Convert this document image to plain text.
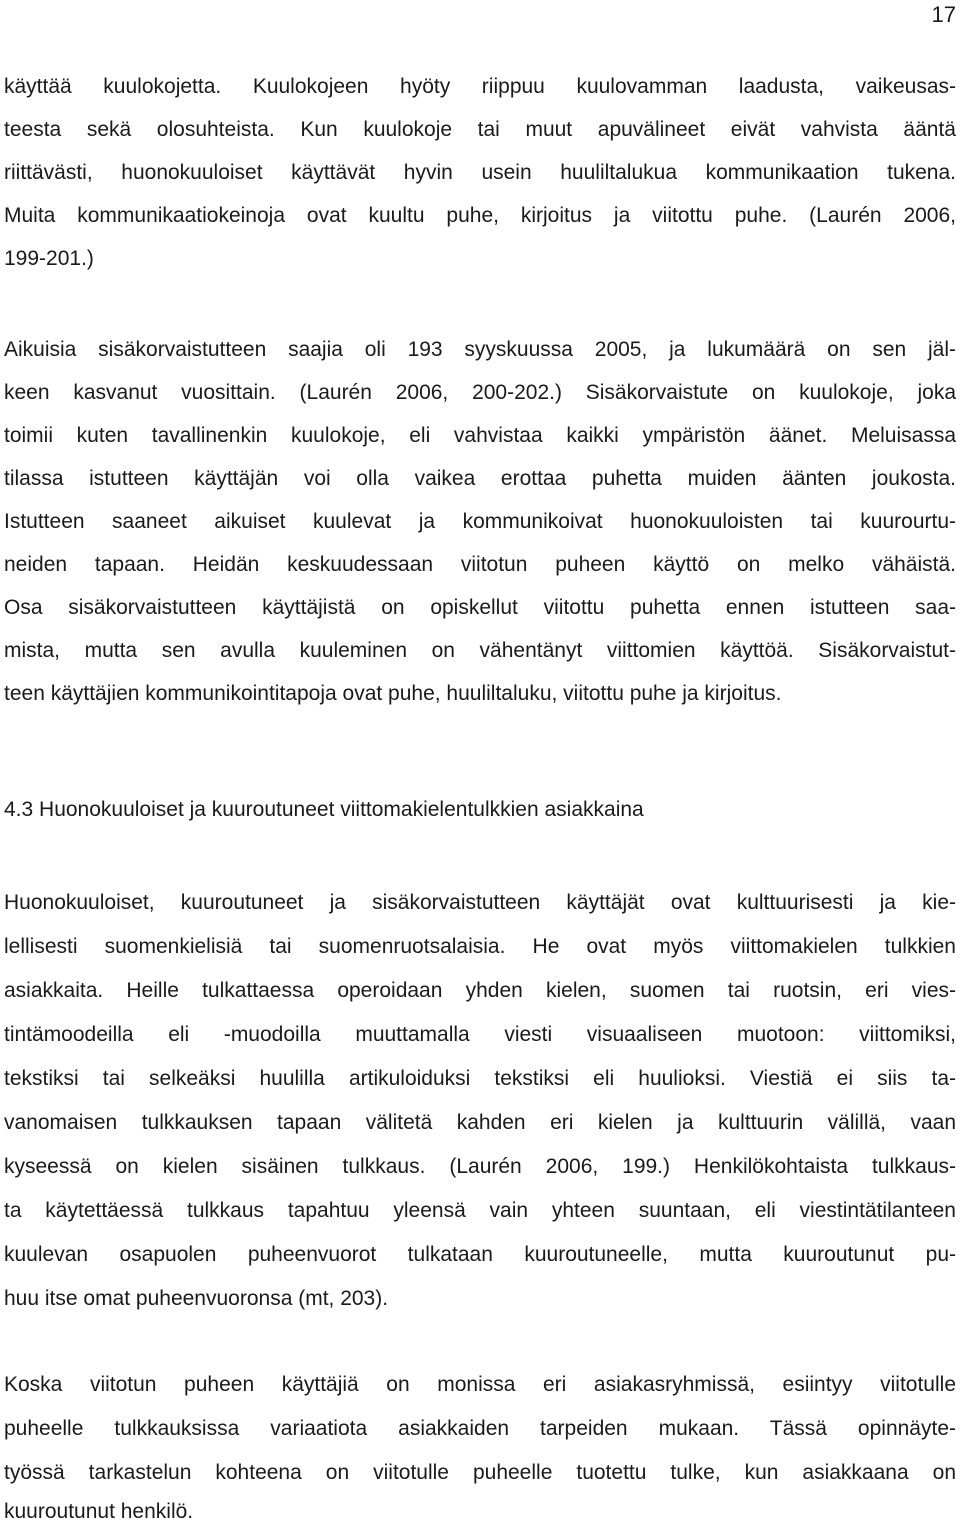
17
käyttää kuulokojetta. Kuulokojeen hyöty riippuu kuulovamman laadusta, vaikeusas-
teesta sekä olosuhteista. Kun kuulokoje tai muut apuvälineet eivät vahvista ääntä
riittävästi, huonokuuloiset käyttävät hyvin usein huuliltalukua kommunikaation tukena.
Muita kommunikaatiokeinoja ovat kuultu puhe, kirjoitus ja viitottu puhe. (Laurén 2006,
199-201.)
Aikuisia sisäkorvaistutteen saajia oli 193 syyskuussa 2005, ja lukumäärä on sen jäl-
keen kasvanut vuosittain. (Laurén 2006, 200-202.) Sisäkorvaistute on kuulokoje, joka
toimii kuten tavallinenkin kuulokoje, eli vahvistaa kaikki ympäristön äänet. Meluisassa
tilassa istutteen käyttäjän voi olla vaikea erottaa puhetta muiden äänten joukosta.
Istutteen saaneet aikuiset kuulevat ja kommunikoivat huonokuuloisten tai kuurourtu-
neiden tapaan. Heidän keskuudessaan viitotun puheen käyttö on melko vähäistä.
Osa sisäkorvaistutteen käyttäjistä on opiskellut viitottu puhetta ennen istutteen saa-
mista, mutta sen avulla kuuleminen on vähentänyt viittomien käyttöä. Sisäkorvaistut-
teen käyttäjien kommunikointitapoja ovat puhe, huuliltaluku, viitottu puhe ja kirjoitus.
4.3 Huonokuuloiset ja kuuroutuneet viittomakielentulkkien asiakkaina
Huonokuuloiset, kuuroutuneet ja sisäkorvaistutteen käyttäjät ovat kulttuurisesti ja kie-
lellisesti suomenkielisiä tai suomenruotsalaisia. He ovat myös viittomakielen tulkkien
asiakkaita. Heille tulkattaessa operoidaan yhden kielen, suomen tai ruotsin, eri vies-
tintämoodeilla eli -muodoilla muuttamalla viesti visuaaliseen muotoon: viittomiksi,
tekstiksi tai selkeäksi huulilla artikuloiduksi tekstiksi eli huulioksi. Viestiä ei siis ta-
vanomaisen tulkkauksen tapaan välitetä kahden eri kielen ja kulttuurin välillä, vaan
kyseessä on kielen sisäinen tulkkaus. (Laurén 2006, 199.) Henkilökohtaista tulkkaus-
ta käytettäessä tulkkaus tapahtuu yleensä vain yhteen suuntaan, eli viestintätilanteen
kuulevan osapuolen puheenvuorot tulkataan kuuroutuneelle, mutta kuuroutunut pu-
huu itse omat puheenvuoronsa (mt, 203).
Koska viitotun puheen käyttäjiä on monissa eri asiakasryhmissä, esiintyy viitotulle
puheelle tulkkauksissa variaatiota asiakkaiden tarpeiden mukaan. Tässä opinnäyte-
työssä tarkastelun kohteena on viitotulle puheelle tuotettu tulke, kun asiakkaana on
kuuroutunut henkilö.
